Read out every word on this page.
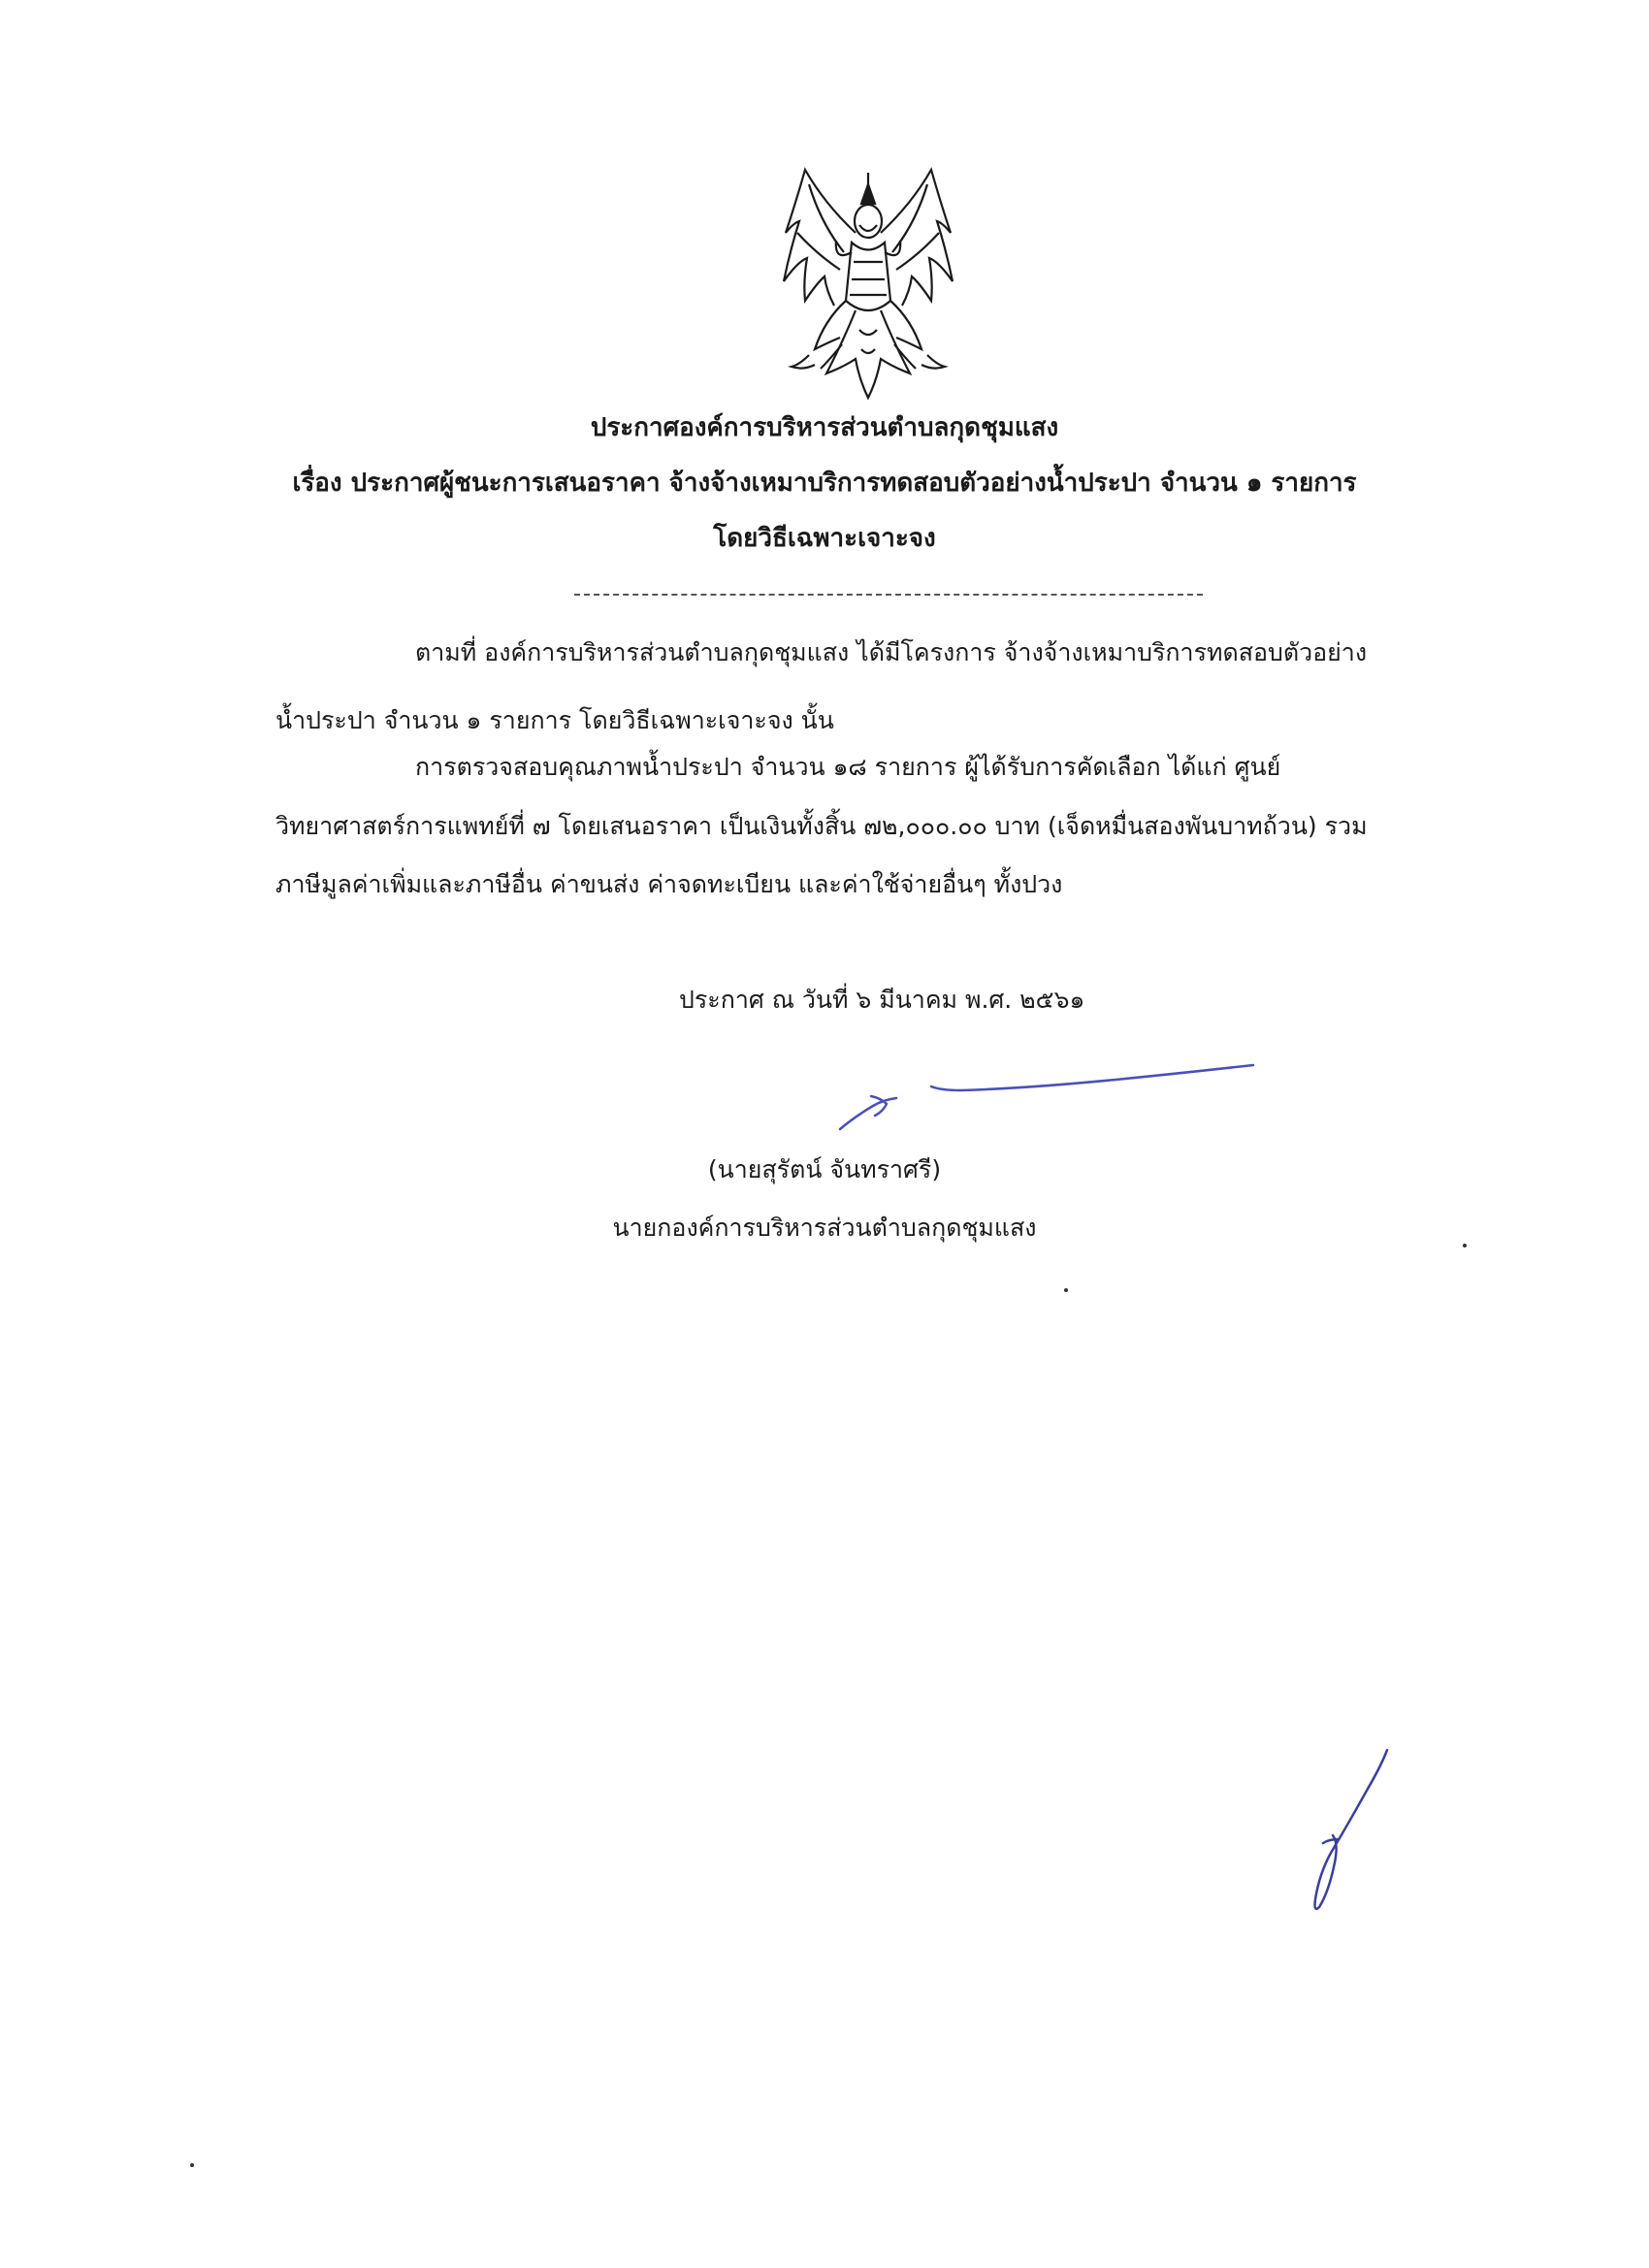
ประกาศองค์การบริหารส่วนตำบลกุดชุมแสง
เรื่อง ประกาศผู้ชนะการเสนอราคา จ้างจ้างเหมาบริการทดสอบตัวอย่างน้ำประปา จำนวน ๑ รายการ
โดยวิธีเฉพาะเจาะจง
ตามที่ องค์การบริหารส่วนตำบลกุดชุมแสง ได้มีโครงการ จ้างจ้างเหมาบริการทดสอบตัวอย่าง
น้ำประปา จำนวน ๑ รายการ โดยวิธีเฉพาะเจาะจง นั้น
การตรวจสอบคุณภาพน้ำประปา จำนวน ๑๘ รายการ ผู้ได้รับการคัดเลือก ได้แก่ ศูนย์
วิทยาศาสตร์การแพทย์ที่ ๗ โดยเสนอราคา เป็นเงินทั้งสิ้น ๗๒,๐๐๐.๐๐ บาท (เจ็ดหมื่นสองพันบาทถ้วน) รวม
ภาษีมูลค่าเพิ่มและภาษีอื่น ค่าขนส่ง ค่าจดทะเบียน และค่าใช้จ่ายอื่นๆ ทั้งปวง
ประกาศ ณ วันที่ ๖ มีนาคม พ.ศ. ๒๕๖๑
(นายสุรัตน์ จันทราศรี)
นายกองค์การบริหารส่วนตำบลกุดชุมแสง
